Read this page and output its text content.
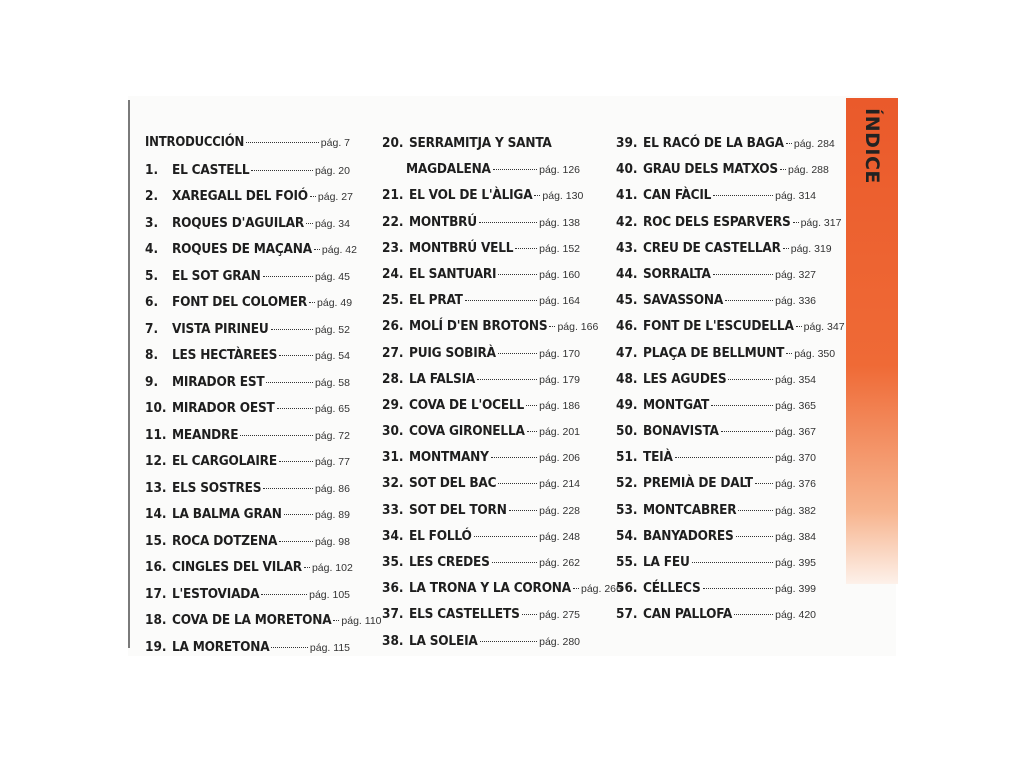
ÍNDICE
INTRODUCCIÓN	pág. 7
1.	EL CASTELL	pág. 20
2.	XAREGALL DEL FOIÓ pág. 27
3.	ROQUES D'AGUILAR pág. 34
4.	ROQUES DE MAÇANA pág. 42
5.	EL SOT GRAN	pág. 45
6.	FONT DEL COLOMER pág. 49
7.	VISTA PIRINEU	pág. 52
8.	LES HECTÀREES	pág. 54
9.	MIRADOR EST	pág. 58
10. MIRADOR OEST	pág. 65
11. MEANDRE	pág. 72
12. EL CARGOLAIRE	pág. 77
13. ELS SOSTRES	pág. 86
14. LA BALMA GRAN	pág. 89
15. ROCA DOTZENA	pág. 98
16. CINGLES DEL VILAR pág. 102
17. L'ESTOVIADA	pág. 105
18. COVA DE LA MORETONA pág. 110
19. LA MORETONA	pág. 115
20. SERRAMITJA Y SANTA
MAGDALENA	pág. 126
21. EL VOL DE L'ÀLIGA pág. 130
22. MONTBRÚ	pág. 138
23. MONTBRÚ VELL pág. 152
24. EL SANTUARI	pág. 160
25. EL PRAT	pág. 164
26. MOLÍ D'EN BROTONS pág. 166
27. PUIG SOBIRÀ	pág. 170
28. LA FALSIA	pág. 179
29. COVA DE L'OCELL pág. 186
30. COVA GIRONELLA pág. 201
31. MONTMANY	pág. 206
32. SOT DEL BAC	pág. 214
33. SOT DEL TORN	pág. 228
34. EL FOLLÓ	pág. 248
35. LES CREDES	pág. 262
36. LA TRONA Y LA CORONA pág. 266
37. ELS CASTELLETS pág. 275
38. LA SOLEIA	pág. 280
39. EL RACÓ DE LA BAGA pág. 284
40. GRAU DELS MATXOS pág. 288
41. CAN FÀCIL	pág. 314
42. ROC DELS ESPARVERS pág. 317
43. CREU DE CASTELLAR pág. 319
44. SORRALTA	pág. 327
45. SAVASSONA	pág. 336
46. FONT DE L'ESCUDELLA pág. 347
47. PLAÇA DE BELLMUNT pág. 350
48. LES AGUDES	pág. 354
49. MONTGAT	pág. 365
50. BONAVISTA	pág. 367
51. TEIÀ	pág. 370
52. PREMIÀ DE DALT pág. 376
53. MONTCABRER	pág. 382
54. BANYADORES	pág. 384
55. LA FEU	pág. 395
56. CÉLLECS	pág. 399
57. CAN PALLOFA	pág. 420
